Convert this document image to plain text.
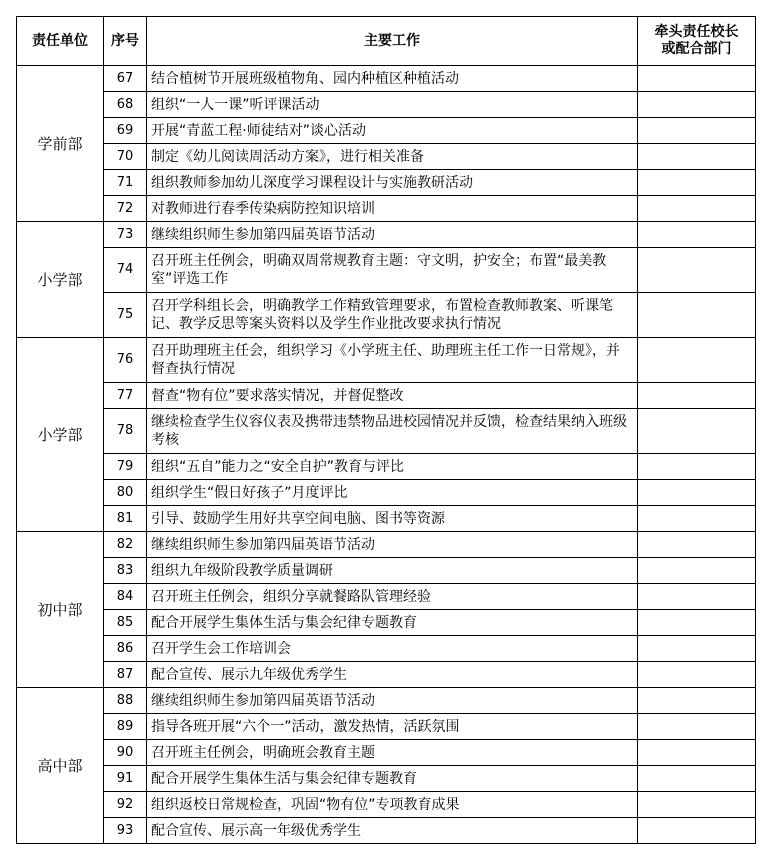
责任单位	序号	主要工作	牵头责任校长
或配合部门
学前部	67	结合植树节开展班级植物角、园内种植区种植活动	
	68	组织“一人一课”听评课活动	
	69	开展“青蓝工程·师徒结对”谈心活动	
	70	制定《幼儿阅读周活动方案》，进行相关准备	
	71	组织教师参加幼儿深度学习课程设计与实施教研活动	
	72	对教师进行春季传染病防控知识培训	
小学部	73	继续组织师生参加第四届英语节活动	
	74	召开班主任例会，明确双周常规教育主题：守文明，护安全；布置“最美教室”评选工作	
	75	召开学科组长会，明确教学工作精致管理要求，布置检查教师教案、听课笔记、教学反思等案头资料以及学生作业批改要求执行情况	
小学部	76	召开助理班主任会，组织学习《小学班主任、助理班主任工作一日常规》，并督查执行情况	
	77	督查“物有位”要求落实情况，并督促整改	
	78	继续检查学生仪容仪表及携带违禁物品进校园情况并反馈，检查结果纳入班级考核	
	79	组织“五自”能力之“安全自护”教育与评比	
	80	组织学生“假日好孩子”月度评比	
	81	引导、鼓励学生用好共享空间电脑、图书等资源	
初中部	82	继续组织师生参加第四届英语节活动	
	83	组织九年级阶段教学质量调研	
	84	召开班主任例会，组织分享就餐路队管理经验	
	85	配合开展学生集体生活与集会纪律专题教育	
	86	召开学生会工作培训会	
	87	配合宣传、展示九年级优秀学生	
高中部	88	继续组织师生参加第四届英语节活动	
	89	指导各班开展“六个一”活动，激发热情，活跃氛围	
	90	召开班主任例会，明确班会教育主题	
	91	配合开展学生集体生活与集会纪律专题教育	
	92	组织返校日常规检查，巩固“物有位”专项教育成果	
	93	配合宣传、展示高一年级优秀学生	
